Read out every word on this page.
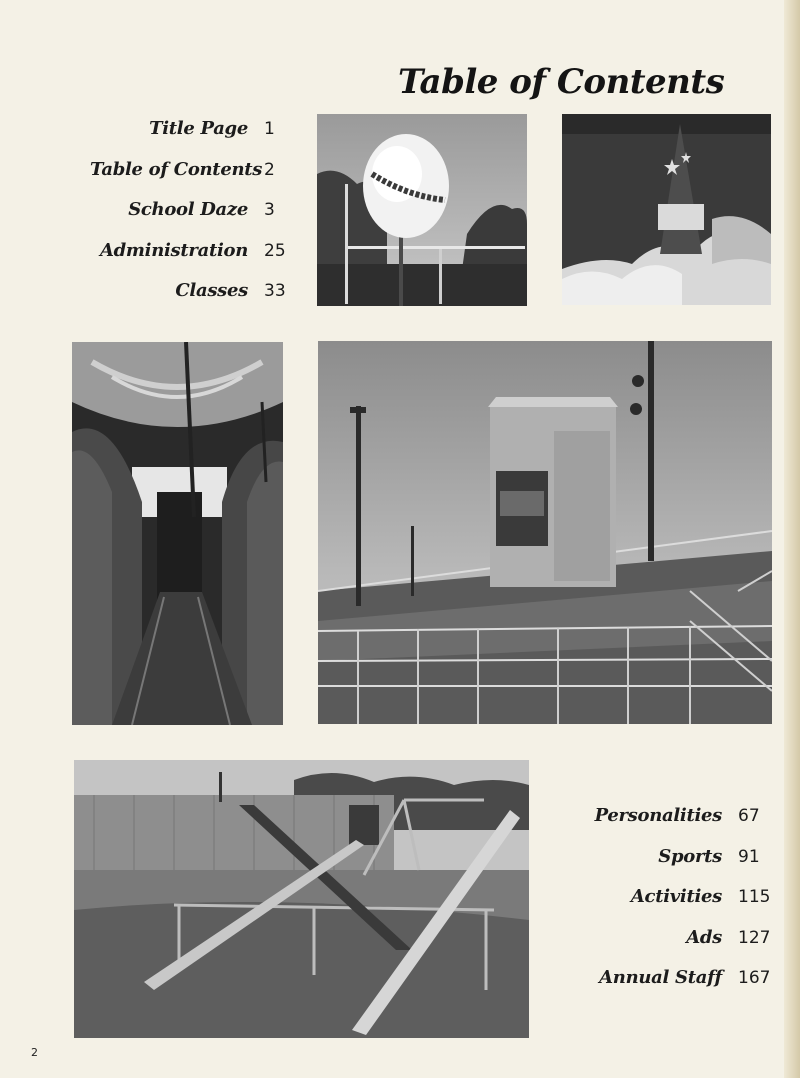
Table of Contents
Title Page 1
Table of Contents 2
School Daze 3
Administration 25
Classes 33
Personalities 67
Sports 91
Activities 115
Ads 127
Annual Staff 167
2
